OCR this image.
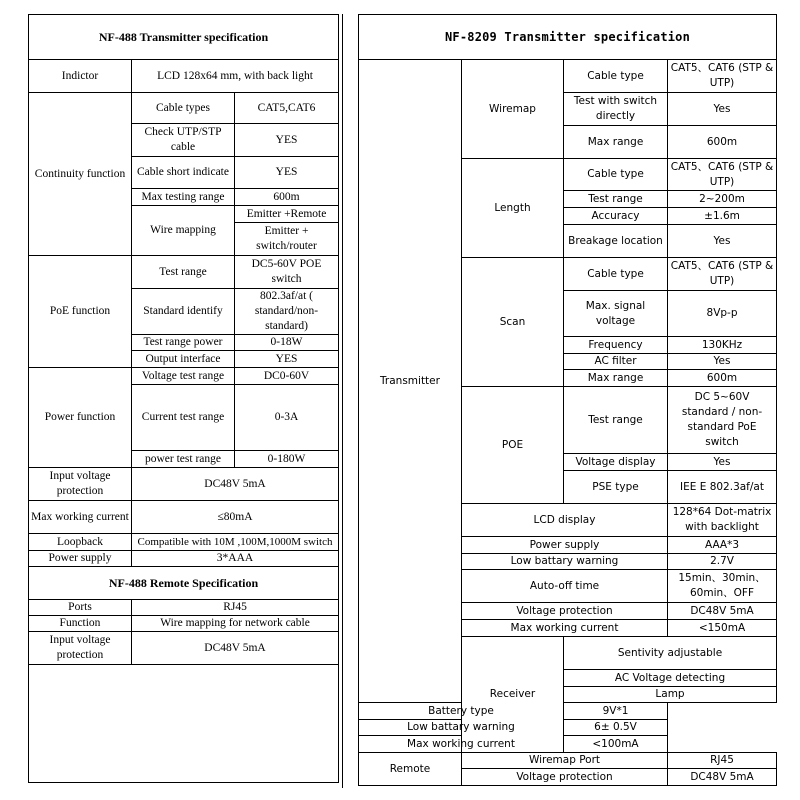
NF-488 Transmitter specification		
Indictor	LCD 128x64 mm, with back light	
Continuity function	Cable types	CAT5,CAT6
	Check UTP/STP cable	YES
	Cable short indicate	YES
	Max testing range	600m
	Wire mapping	Emitter +Remote
		Emitter + switch/router
PoE function	Test range	DC5-60V POE switch
	Standard identify	802.3af/at ( standard/non-standard)
	Test range power	0-18W
	Output interface	YES
Power function	Voltage test range	DC0-60V
	Current test range	0-3A
	power test range	0-180W
Input voltage protection	DC48V 5mA	
Max working current	≤80mA	
Loopback	Compatible with 10M ,100M,1000M switch	
Power supply	3*AAA	
NF-488 Remote Specification		
Ports	RJ45	
Function	Wire mapping for network cable	
Input voltage protection	DC48V 5mA	

NF-8209 Transmitter specification				
Transmitter	Wiremap	Cable type	CAT5、CAT6 (STP & UTP)	
		Test with switch directly	Yes	
		Max range	600m	
	Length	Cable type	CAT5、CAT6 (STP & UTP)	
		Test range	2~200m	
		Accuracy	±1.6m	
		Breakage location	Yes	
	Scan	Cable type	CAT5、CAT6 (STP & UTP)	
		Max. signal voltage	8Vp-p	
		Frequency	130KHz	
		AC filter	Yes	
		Max range	600m	
	POE	Test range	DC 5~60V standard / non-standard PoE switch	
		Voltage display	Yes	
		PSE type	IEE E 802.3af/at	
	LCD display		128*64 Dot-matrix with backlight	
	Power supply		AAA*3	
	Low battary warning		2.7V	
	Auto-off time		15min、30min、60min、OFF	
	Voltage protection		DC48V 5mA	
	Max working current		<150mA	
	Receiver	Sentivity adjustable	
		AC Voltage detecting	
		Lamp	
Battery type		9V*1		
Low battary warning		6± 0.5V		
Max working current		<100mA		
Remote	Wiremap Port		RJ45	
	Voltage protection		DC48V 5mA	
